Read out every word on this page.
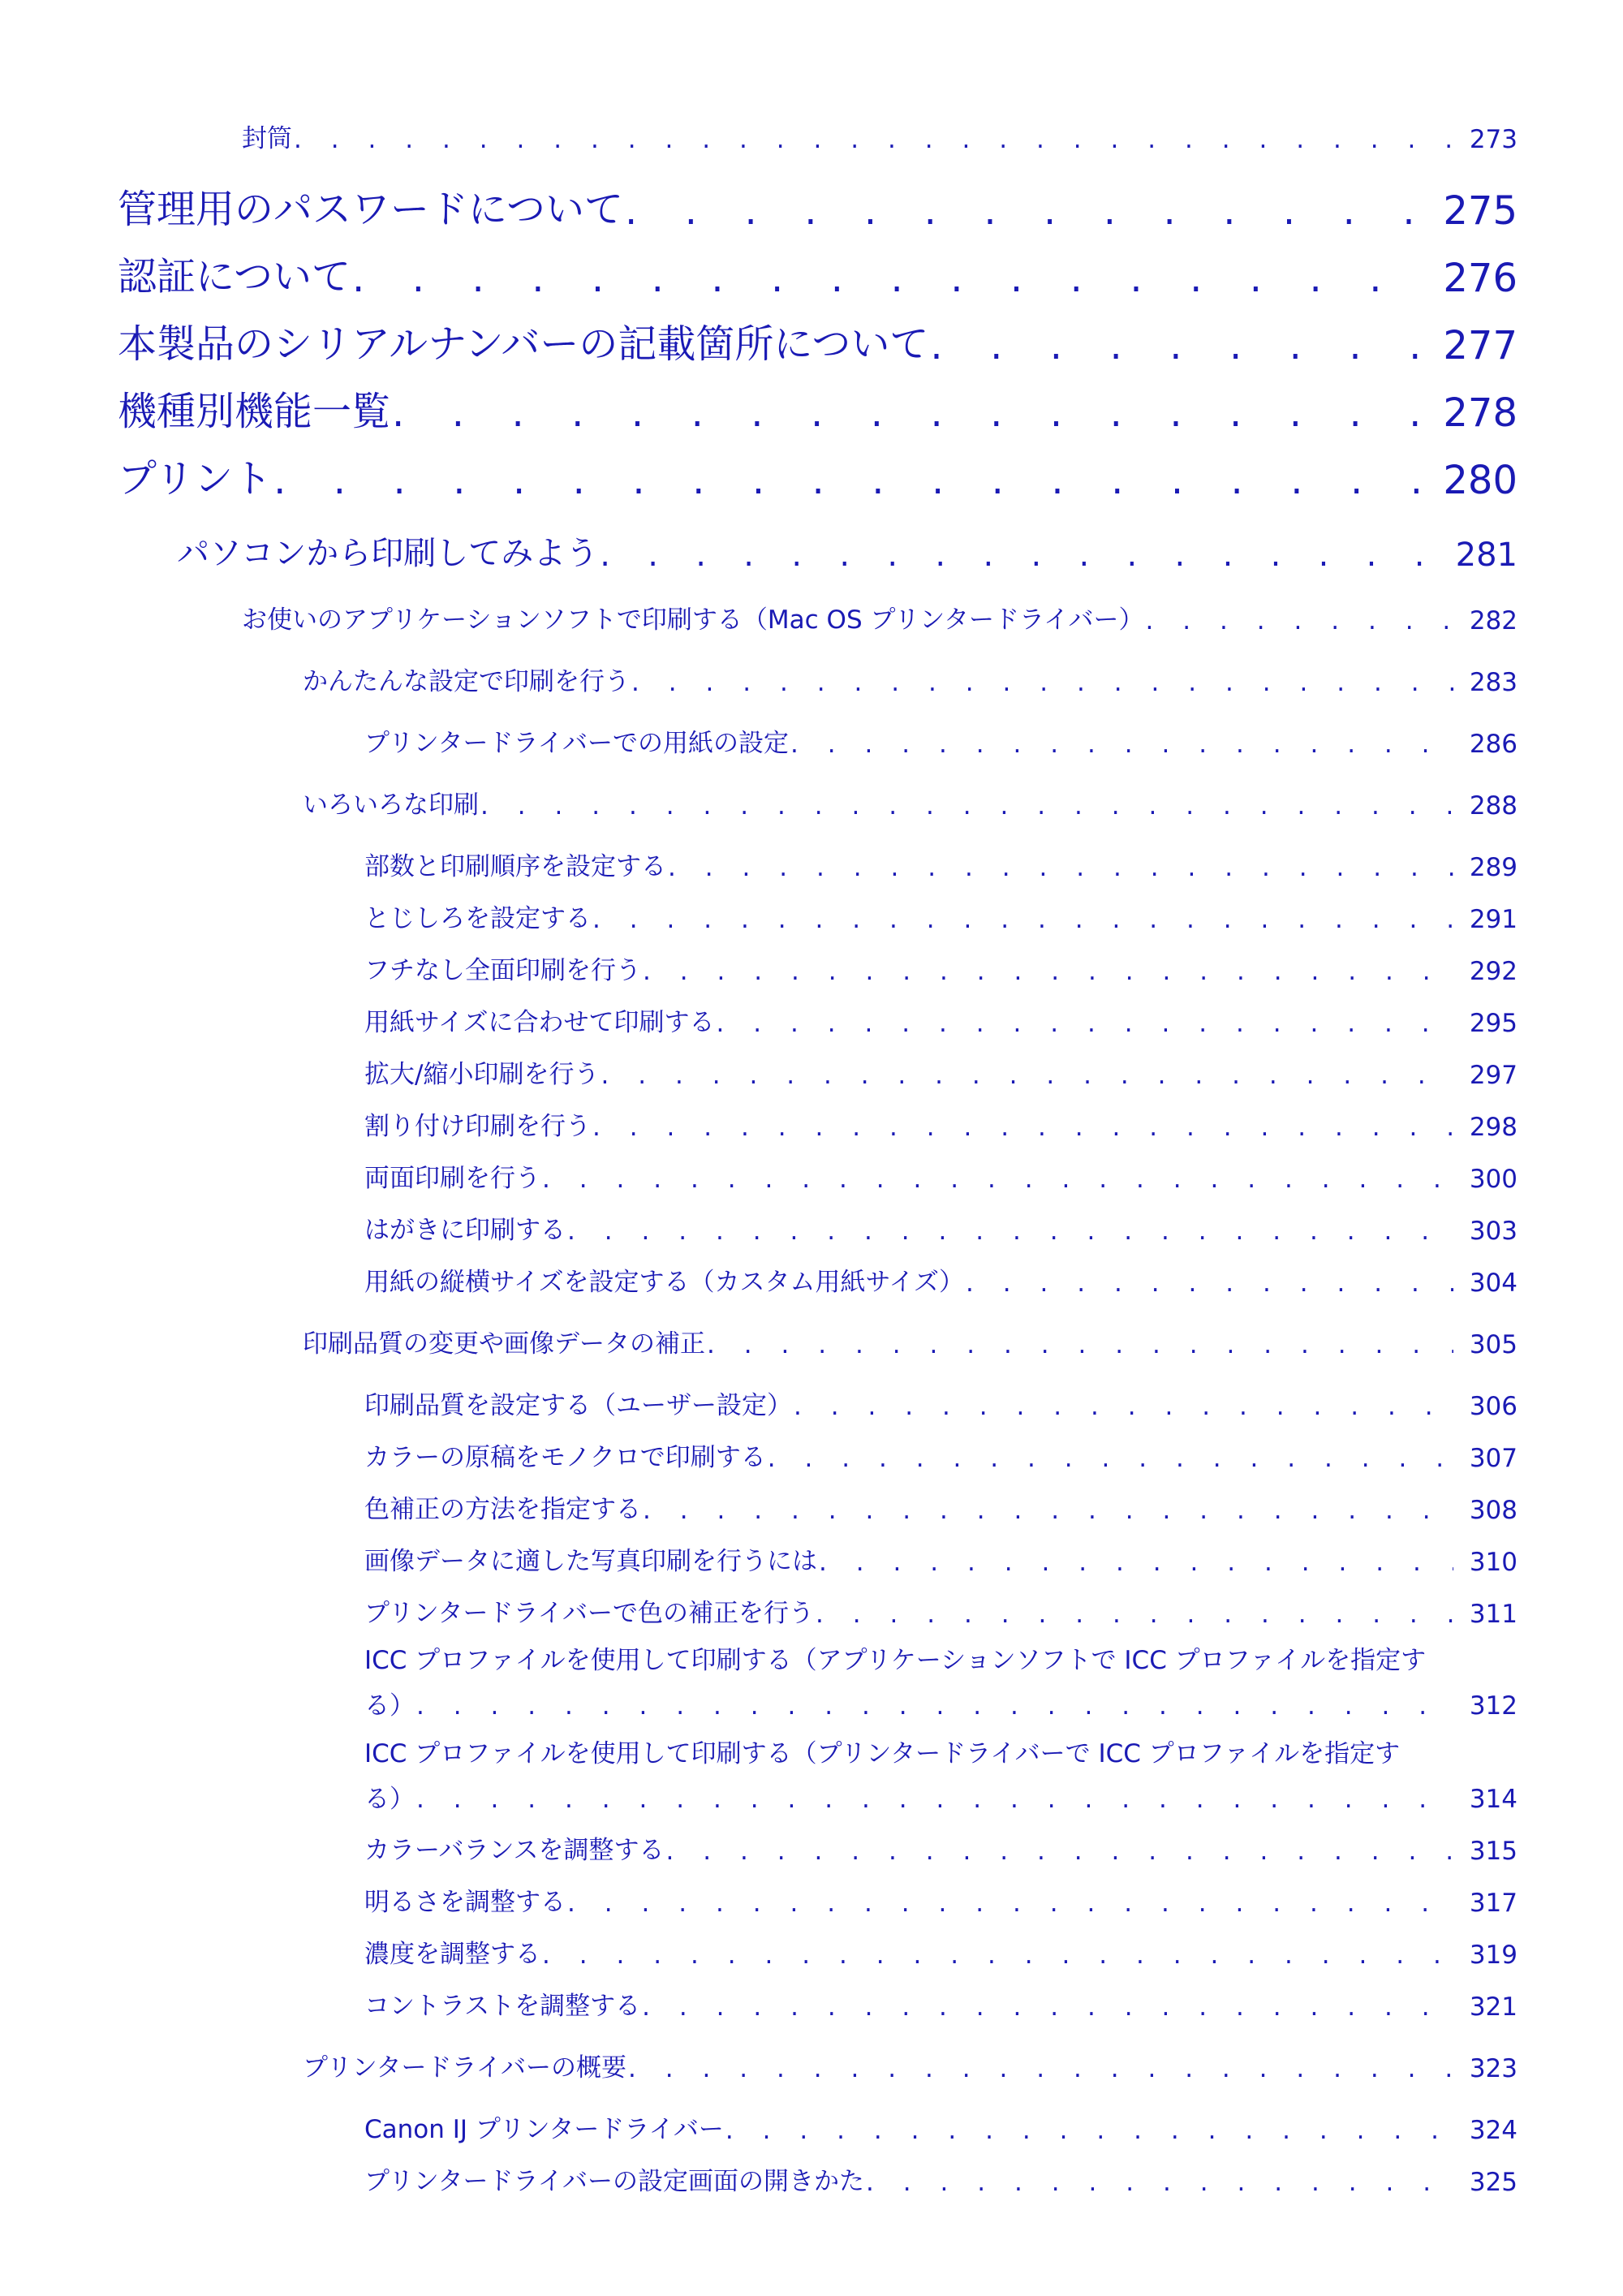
封筒 . . .	273
管理用のパスワードについて . . .	275
認証について . . .	276
本製品のシリアルナンバーの記載箇所について . . .	277
機種別機能一覧 . . .	278
プリント . . .	280
パソコンから印刷してみよう . . .	281
お使いのアプリケーションソフトで印刷する（Mac OS プリンタードライバー） . . .	282
かんたんな設定で印刷を行う . . .	283
プリンタードライバーでの用紙の設定 . . .	286
いろいろな印刷 . . .	288
部数と印刷順序を設定する . . .	289
とじしろを設定する . . .	291
フチなし全面印刷を行う . . .	292
用紙サイズに合わせて印刷する . . .	295
拡大/縮小印刷を行う . . .	297
割り付け印刷を行う . . .	298
両面印刷を行う . . .	300
はがきに印刷する . . .	303
用紙の縦横サイズを設定する（カスタム用紙サイズ） . . .	304
印刷品質の変更や画像データの補正 . . .	305
印刷品質を設定する（ユーザー設定） . . .	306
カラーの原稿をモノクロで印刷する . . .	307
色補正の方法を指定する . . .	308
画像データに適した写真印刷を行うには . . .	310
プリンタードライバーで色の補正を行う . . .	311
ICC プロファイルを使用して印刷する（アプリケーションソフトで ICC プロファイルを指定す
る） . . .	312
ICC プロファイルを使用して印刷する（プリンタードライバーで ICC プロファイルを指定す
る） . . .	314
カラーバランスを調整する . . .	315
明るさを調整する . . .	317
濃度を調整する . . .	319
コントラストを調整する . . .	321
プリンタードライバーの概要 . . .	323
Canon IJ プリンタードライバー . . .	324
プリンタードライバーの設定画面の開きかた . . .	325
